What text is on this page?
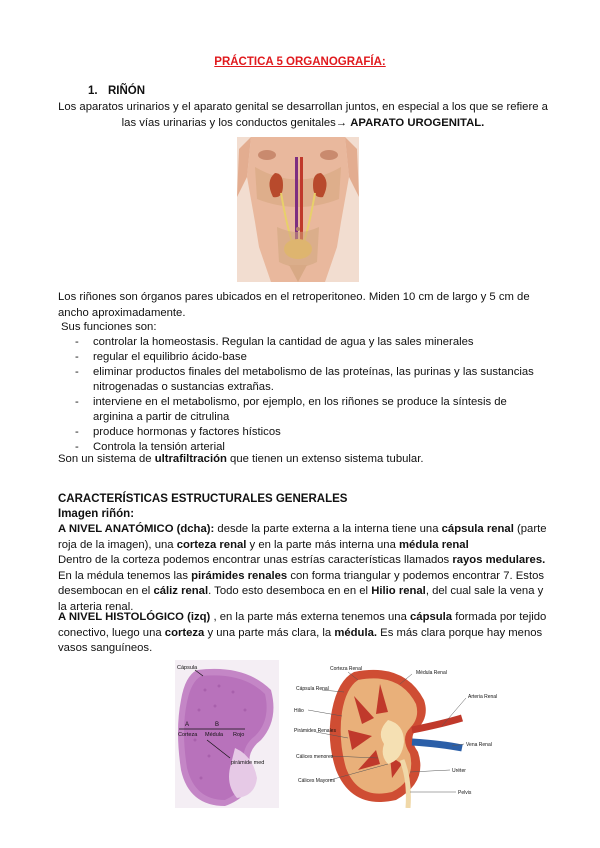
PRÁCTICA 5 ORGANOGRAFÍA:
1. RIÑÓN

Los aparatos urinarios y el aparato genital se desarrollan juntos, en especial a los que se refiere a las vías urinarias y los conductos genitales→ APARATO UROGENITAL.

Los riñones son órganos pares ubicados en el retroperitoneo. Miden 10 cm de largo y 5 cm de ancho aproximadamente.

Sus funciones son:

- controlar la homeostasis. Regulan la cantidad de agua y las sales minerales
- regular el equilibrio ácido-base
- eliminar productos finales del metabolismo de las proteínas, las purinas y las sustancias nitrogenadas o sustancias extrañas.
- interviene en el metabolismo, por ejemplo, en los riñones se produce la síntesis de arginina a partir de citrulina
- produce hormonas y factores hísticos
- Controla la tensión arterial

Son un sistema de ultrafiltración que tienen un extenso sistema tubular.

CARACTERÍSTICAS ESTRUCTURALES GENERALES
Imagen riñón:

A NIVEL ANATÓMICO (dcha): desde la parte externa a la interna tiene una cápsula renal (parte roja de la imagen), una corteza renal y en la parte más interna una médula renal
Dentro de la corteza podemos encontrar unas estrías características llamados rayos medulares. En la médula tenemos las pirámides renales con forma triangular y podemos encontrar 7. Estos desembocan en el cáliz renal. Todo esto desemboca en en el Hilio renal, del cual sale la vena y la arteria renal.

A NIVEL HISTOLÓGICO (izq) , en la parte más externa tenemos una cápsula formada por tejido conectivo, luego una corteza y una parte más clara, la médula. Es más clara porque hay menos vasos sanguíneos.

Cápsula
A	B
Corteza Médula Rojo
pirámide med
Corteza Renal
Médula Renal
Cápsula Renal
Arteria Renal
Hilio
Vena Renal
Pirámides Renales
Cálices menores
Uréter
Cálices Mayores
Pelvis
